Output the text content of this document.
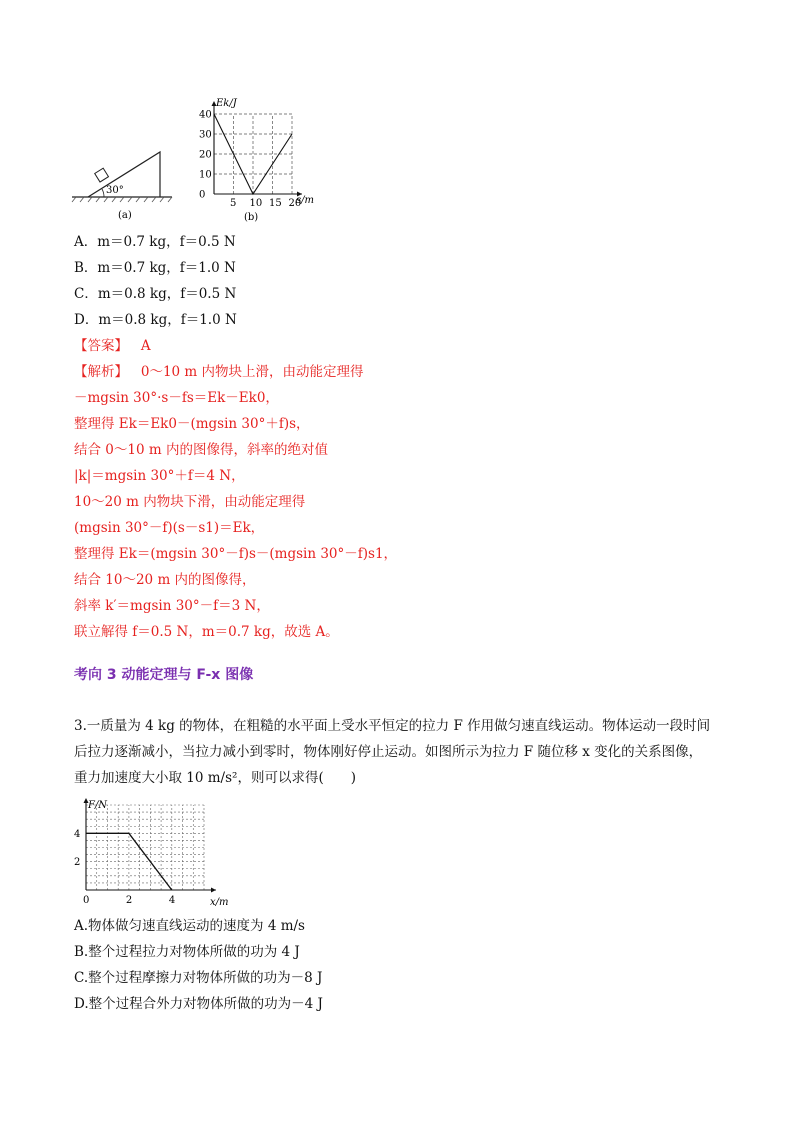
30°
(a)
Ek/J
s/m
(b)
40
30
20
10
0
5 10 15 20
A．m＝0.7 kg，f＝0.5 N
B．m＝0.7 kg，f＝1.0 N
C．m＝0.8 kg，f＝0.5 N
D．m＝0.8 kg，f＝1.0 N
【答案】 A
【解析】 0～10 m 内物块上滑，由动能定理得
－mgsin 30°·s－fs＝Ek－Ek0，
整理得 Ek＝Ek0－(mgsin 30°＋f)s，
结合 0～10 m 内的图像得，斜率的绝对值
|k|＝mgsin 30°＋f＝4 N，
10～20 m 内物块下滑，由动能定理得
(mgsin 30°－f)(s－s1)＝Ek，
整理得 Ek＝(mgsin 30°－f)s－(mgsin 30°－f)s1，
结合 10～20 m 内的图像得，
斜率 k′＝mgsin 30°－f＝3 N，
联立解得 f＝0.5 N，m＝0.7 kg，故选 A。
考向 3 动能定理与 F-x 图像
3.一质量为 4 kg 的物体，在粗糙的水平面上受水平恒定的拉力 F 作用做匀速直线运动。物体运动一段时间
后拉力逐渐减小，当拉力减小到零时，物体刚好停止运动。如图所示为拉力 F 随位移 x 变化的关系图像，
重力加速度大小取 10 m/s²，则可以求得(　　)
F/N
x/m
4
2
0	2	4
A.物体做匀速直线运动的速度为 4 m/s
B.整个过程拉力对物体所做的功为 4 J
C.整个过程摩擦力对物体所做的功为－8 J
D.整个过程合外力对物体所做的功为－4 J
